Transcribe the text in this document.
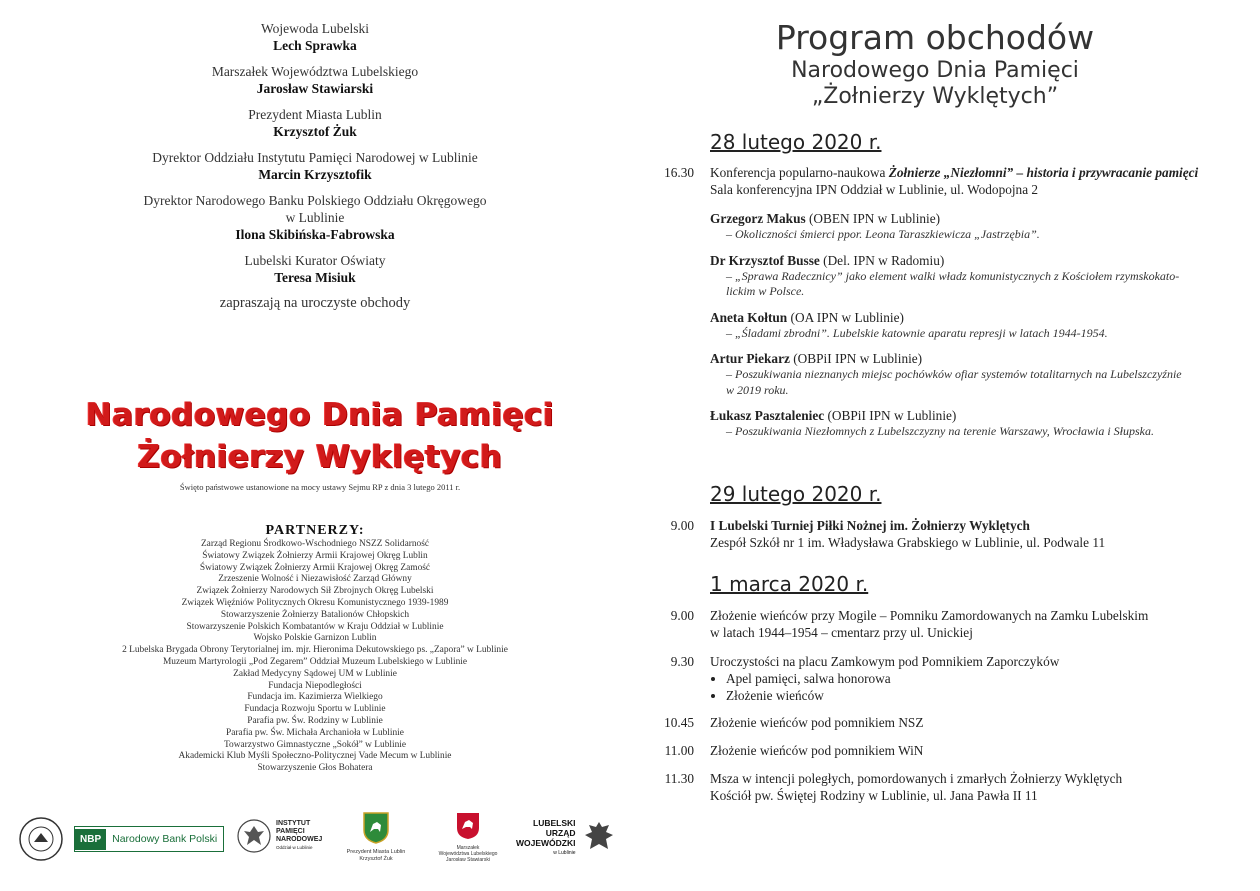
Wojewoda Lubelski
Lech Sprawka
Marszałek Województwa Lubelskiego
Jarosław Stawiarski
Prezydent Miasta Lublin
Krzysztof Żuk
Dyrektor Oddziału Instytutu Pamięci Narodowej w Lublinie
Marcin Krzysztofik
Dyrektor Narodowego Banku Polskiego Oddziału Okręgowego
w Lublinie
Ilona Skibińska-Fabrowska
Lubelski Kurator Oświaty
Teresa Misiuk
zapraszają na uroczyste obchody
Narodowego Dnia Pamięci
Żołnierzy Wyklętych
Święto państwowe ustanowione na mocy ustawy Sejmu RP z dnia 3 lutego 2011 r.
PARTNERZY:
Zarząd Regionu Środkowo-Wschodniego NSZZ Solidarność
Światowy Związek Żołnierzy Armii Krajowej Okręg Lublin
Światowy Związek Żołnierzy Armii Krajowej Okręg Zamość
Zrzeszenie Wolność i Niezawisłość Zarząd Główny
Związek Żołnierzy Narodowych Sił Zbrojnych Okręg Lubelski
Związek Więźniów Politycznych Okresu Komunistycznego 1939-1989
Stowarzyszenie Żołnierzy Batalionów Chłopskich
Stowarzyszenie Polskich Kombatantów w Kraju Oddział w Lublinie
Wojsko Polskie Garnizon Lublin
2 Lubelska Brygada Obrony Terytorialnej im. mjr. Hieronima Dekutowskiego ps. „Zapora” w Lublinie
Muzeum Martyrologii „Pod Zegarem” Oddział Muzeum Lubelskiego w Lublinie
Zakład Medycyny Sądowej UM w Lublinie
Fundacja Niepodległości
Fundacja im. Kazimierza Wielkiego
Fundacja Rozwoju Sportu w Lublinie
Parafia pw. Św. Rodziny w Lublinie
Parafia pw. Św. Michała Archanioła w Lublinie
Towarzystwo Gimnastyczne „Sokół” w Lublinie
Akademicki Klub Myśli Społeczno-Politycznej Vade Mecum w Lublinie
Stowarzyszenie Głos Bohatera
NBP	Narodowy Bank Polski
INSTYTUT
PAMIĘCI
NARODOWEJ
Oddział w Lublinie
Prezydent Miasta Lublin
Krzysztof Żuk
Marszałek
Województwa Lubelskiego
Jarosław Stawiarski
LUBELSKI
URZĄD
WOJEWÓDZKI
w Lublinie
Program obchodów
Narodowego Dnia Pamięci
„Żołnierzy Wyklętych”
28 lutego 2020 r.
16.30 Konferencja popularno-naukowa Żołnierze „Niezłomni” – historia i przywracanie pamięci
Sala konferencyjna IPN Oddział w Lublinie, ul. Wodopojna 2
Grzegorz Makus (OBEN IPN w Lublinie)
– Okoliczności śmierci ppor. Leona Taraszkiewicza „Jastrzębia”.
Dr Krzysztof Busse (Del. IPN w Radomiu)
– „Sprawa Radecznicy” jako element walki władz komunistycznych z Kościołem rzymskokato-
lickim w Polsce.
Aneta Kołtun (OA IPN w Lublinie)
– „Śladami zbrodni”. Lubelskie katownie aparatu represji w latach 1944-1954.
Artur Piekarz (OBPiI IPN w Lublinie)
– Poszukiwania nieznanych miejsc pochówków ofiar systemów totalitarnych na Lubelszczyźnie
w 2019 roku.
Łukasz Pasztaleniec (OBPiI IPN w Lublinie)
– Poszukiwania Niezłomnych z Lubelszczyzny na terenie Warszawy, Wrocławia i Słupska.
29 lutego 2020 r.
9.00 I Lubelski Turniej Piłki Nożnej im. Żołnierzy Wyklętych
Zespół Szkół nr 1 im. Władysława Grabskiego w Lublinie, ul. Podwale 11
1 marca 2020 r.
9.00 Złożenie wieńców przy Mogile – Pomniku Zamordowanych na Zamku Lubelskim
w latach 1944–1954 – cmentarz przy ul. Unickiej
9.30 Uroczystości na placu Zamkowym pod Pomnikiem Zaporczyków
• Apel pamięci, salwa honorowa
• Złożenie wieńców
10.45 Złożenie wieńców pod pomnikiem NSZ
11.00 Złożenie wieńców pod pomnikiem WiN
11.30 Msza w intencji poległych, pomordowanych i zmarłych Żołnierzy Wyklętych
Kościół pw. Świętej Rodziny w Lublinie, ul. Jana Pawła II 11
